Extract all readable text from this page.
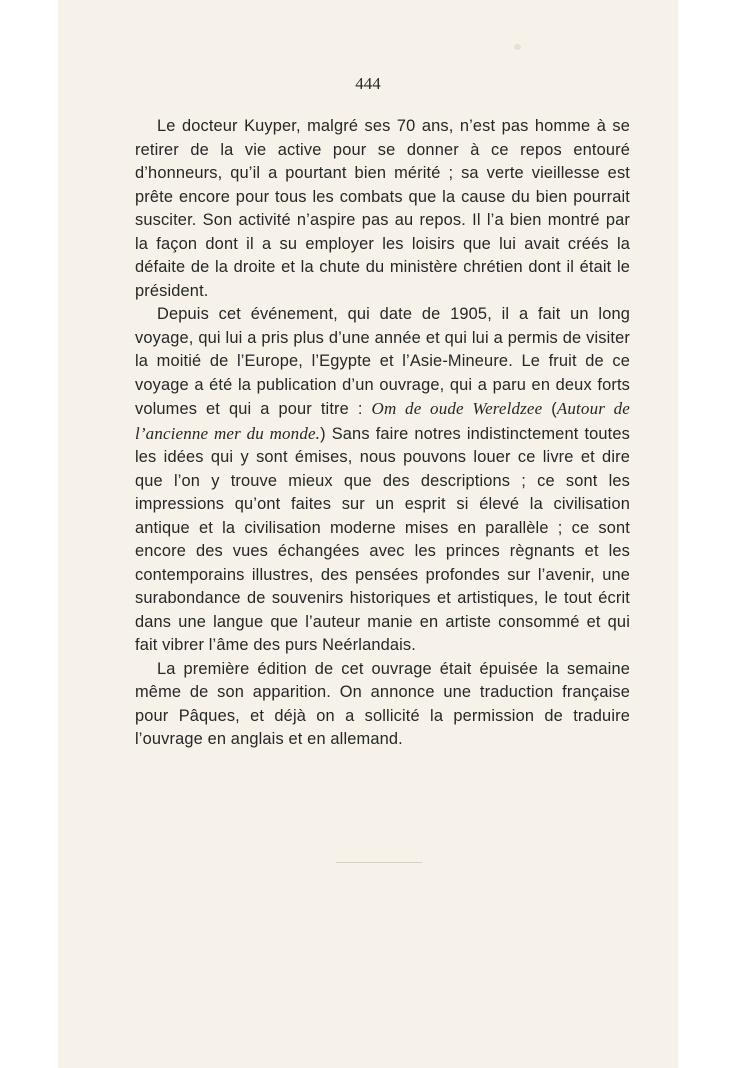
444

Le docteur Kuyper, malgré ses 70 ans, n’est pas homme à se retirer de la vie active pour se donner à ce repos entouré d’honneurs, qu’il a pourtant bien mérité ; sa verte vieillesse est prête encore pour tous les combats que la cause du bien pourrait susciter. Son activité n’aspire pas au repos. Il l’a bien montré par la façon dont il a su employer les loisirs que lui avait créés la défaite de la droite et la chute du ministère chrétien dont il était le président.

Depuis cet événement, qui date de 1905, il a fait un long voyage, qui lui a pris plus d’une année et qui lui a permis de visiter la moitié de l’Europe, l’Egypte et l’Asie-Mineure. Le fruit de ce voyage a été la publication d’un ouvrage, qui a paru en deux forts volumes et qui a pour titre : Om de oude Wereldzee (Autour de l’ancienne mer du monde.) Sans faire notres indistinctement toutes les idées qui y sont émises, nous pouvons louer ce livre et dire que l’on y trouve mieux que des descriptions ; ce sont les impressions qu’ont faites sur un esprit si élevé la civilisation antique et la civilisation moderne mises en parallèle ; ce sont encore des vues échangées avec les princes règnants et les contemporains illustres, des pensées profondes sur l’avenir, une surabondance de souvenirs historiques et artistiques, le tout écrit dans une langue que l’auteur manie en artiste consommé et qui fait vibrer l’âme des purs Neérlandais.

La première édition de cet ouvrage était épuisée la semaine même de son apparition. On annonce une traduction française pour Pâques, et déjà on a sollicité la permission de traduire l’ouvrage en anglais et en allemand.
